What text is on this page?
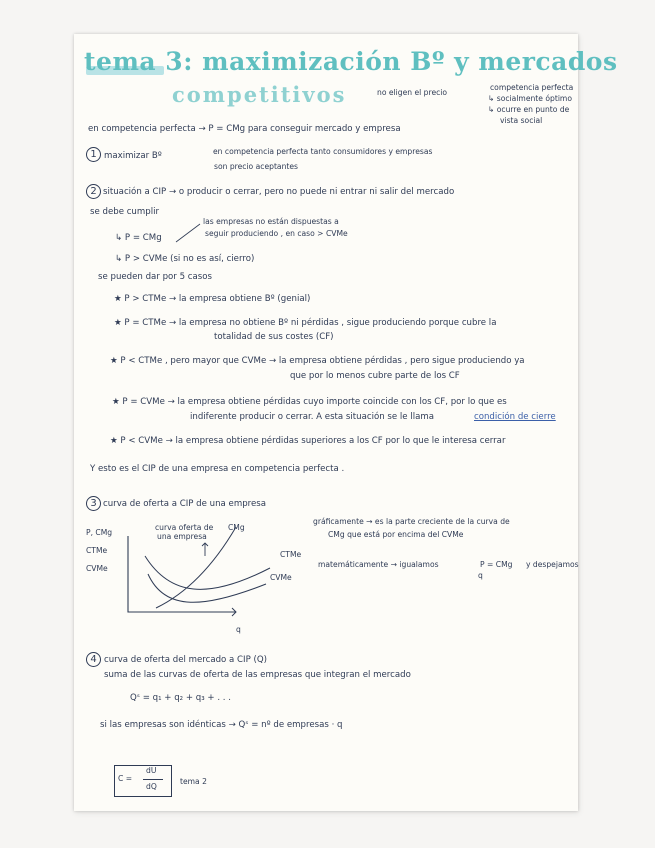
tema 3: maximización Bº y mercados
competitivos	no eligen el precio
competencia perfecta
↳ socialmente óptimo
↳ ocurre en punto de
vista social
en competencia perfecta → P = CMg para conseguir mercado y empresa
1 maximizar Bº	en competencia perfecta tanto consumidores y empresas
son precio aceptantes
2 situación a CIP → o producir o cerrar, pero no puede ni entrar ni salir del mercado
se debe cumplir
las empresas no están dispuestas a
seguir produciendo , en caso > CVMe
↳ P = CMg
↳ P > CVMe (si no es así, cierro)
se pueden dar por 5 casos
★ P > CTMe → la empresa obtiene Bº (genial)
★ P = CTMe → la empresa no obtiene Bº ni pérdidas , sigue produciendo porque cubre la
totalidad de sus costes (CF)
★ P < CTMe , pero mayor que CVMe → la empresa obtiene pérdidas , pero sigue produciendo ya
que por lo menos cubre parte de los CF
★ P = CVMe → la empresa obtiene pérdidas cuyo importe coincide con los CF, por lo que es
indiferente producir o cerrar. A esta situación se le llama	condición de cierre
★ P < CVMe → la empresa obtiene pérdidas superiores a los CF por lo que le interesa cerrar
Y esto es el CIP de una empresa en competencia perfecta .
3 curva de oferta a CIP de una empresa
P, CMg
CTMe
CVMe
curva oferta de
una empresa
CMg
CTMe
CVMe
q
gráficamente → es la parte creciente de la curva de
CMg que está por encima del CVMe
matemáticamente → igualamos	P = CMg
q
y despejamos
4 curva de oferta del mercado a CIP (Q)
suma de las curvas de oferta de las empresas que integran el mercado
Qˢ = q₁ + q₂ + q₃ + . . .
si las empresas son idénticas → Qˢ = nº de empresas · q
C =
dU
dQ
tema 2
